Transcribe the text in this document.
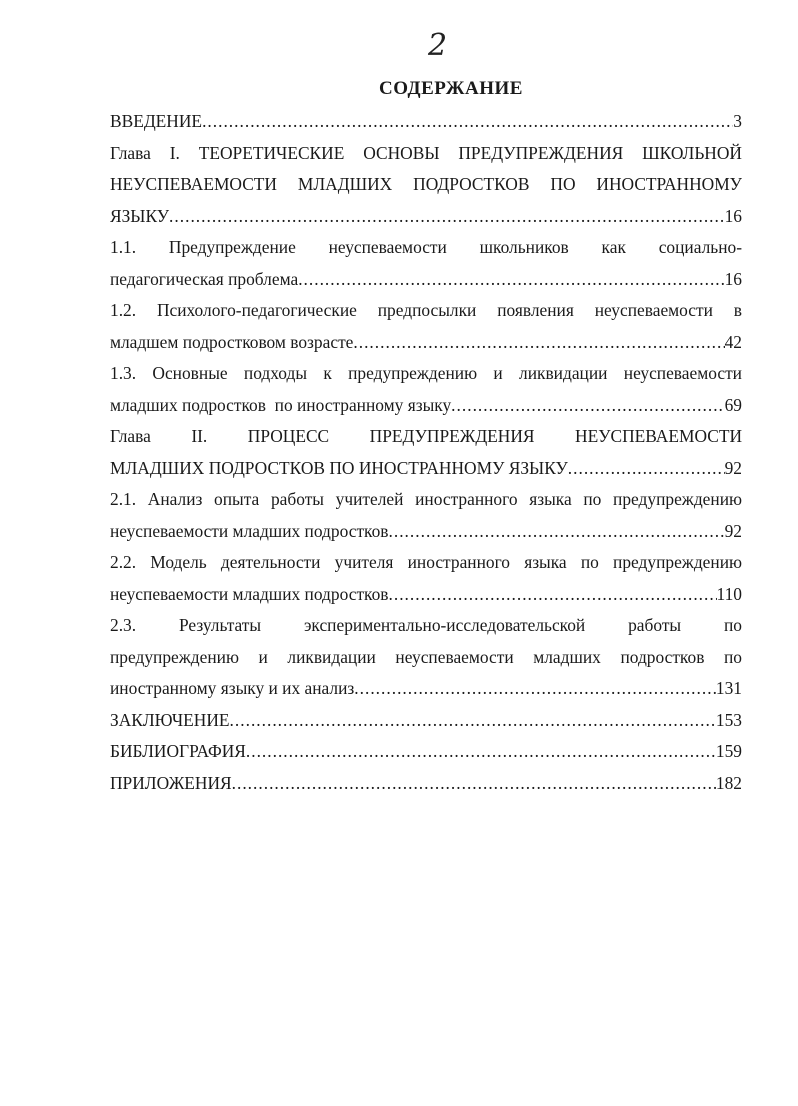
2
СОДЕРЖАНИЕ
ВВЕДЕНИЕ .....	3
Глава I. ТЕОРЕТИЧЕСКИЕ ОСНОВЫ ПРЕДУПРЕЖДЕНИЯ ШКОЛЬНОЙ
НЕУСПЕВАЕМОСТИ МЛАДШИХ ПОДРОСТКОВ ПО ИНОСТРАННОМУ
ЯЗЫКУ .....	16
1.1. Предупреждение неуспеваемости школьников как социально-
педагогическая проблема .....	16
1.2. Психолого-педагогические предпосылки появления неуспеваемости в
младшем подростковом возрасте .....	42
1.3. Основные подходы к предупреждению и ликвидации неуспеваемости
младших подростков  по иностранному языку .....	69
Глава II. ПРОЦЕСС ПРЕДУПРЕЖДЕНИЯ НЕУСПЕВАЕМОСТИ
МЛАДШИХ ПОДРОСТКОВ ПО ИНОСТРАННОМУ ЯЗЫКУ .....	92
2.1. Анализ опыта работы учителей иностранного языка по предупреждению
неуспеваемости младших подростков .....	92
2.2. Модель деятельности учителя иностранного языка по предупреждению
неуспеваемости младших подростков .....	110
2.3. Результаты экспериментально-исследовательской работы по
предупреждению и ликвидации неуспеваемости младших подростков по
иностранному языку и их анализ .....	131
ЗАКЛЮЧЕНИЕ .....	153
БИБЛИОГРАФИЯ .....	159
ПРИЛОЖЕНИЯ .....	182
